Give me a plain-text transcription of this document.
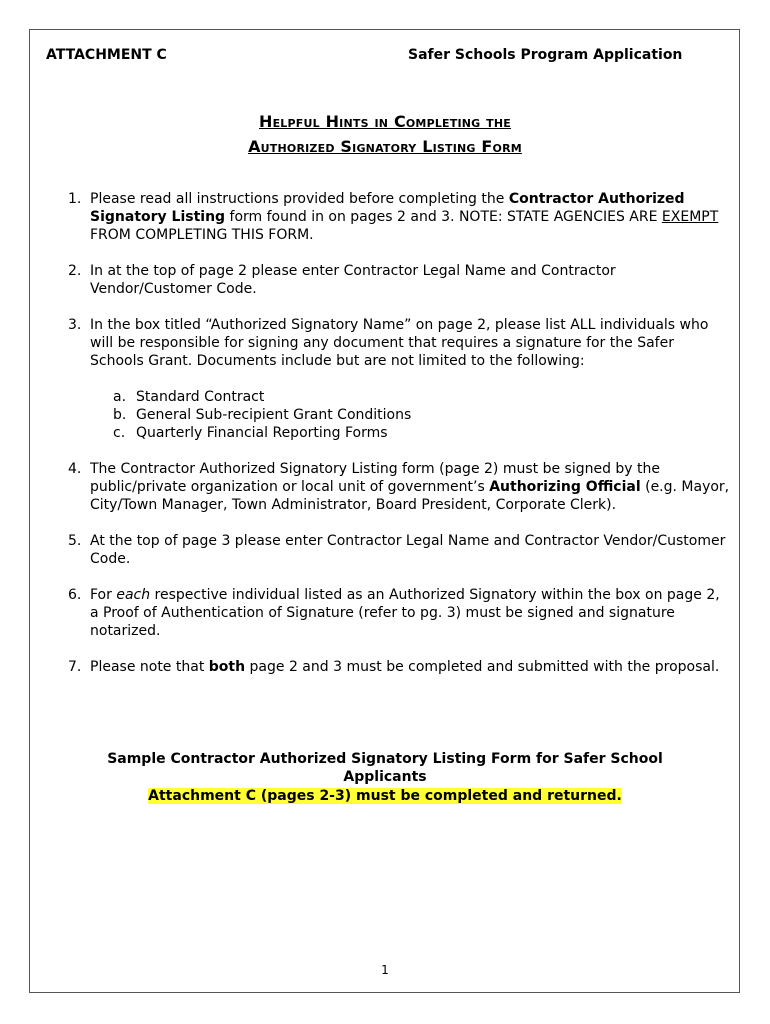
ATTACHMENT C	Safer Schools Program Application
Helpful Hints in Completing the
Authorized Signatory Listing Form
1. Please read all instructions provided before completing the Contractor Authorized Signatory Listing form found in on pages 2 and 3. NOTE: STATE AGENCIES ARE EXEMPT FROM COMPLETING THIS FORM.
2. In at the top of page 2 please enter Contractor Legal Name and Contractor Vendor/Customer Code.
3. In the box titled “Authorized Signatory Name” on page 2, please list ALL individuals who will be responsible for signing any document that requires a signature for the Safer Schools Grant. Documents include but are not limited to the following:
a. Standard Contract
b. General Sub-recipient Grant Conditions
c. Quarterly Financial Reporting Forms
4. The Contractor Authorized Signatory Listing form (page 2) must be signed by the public/private organization or local unit of government’s Authorizing Official (e.g. Mayor, City/Town Manager, Town Administrator, Board President, Corporate Clerk).
5. At the top of page 3 please enter Contractor Legal Name and Contractor Vendor/Customer Code.
6. For each respective individual listed as an Authorized Signatory within the box on page 2, a Proof of Authentication of Signature (refer to pg. 3) must be signed and signature notarized.
7. Please note that both page 2 and 3 must be completed and submitted with the proposal.
Sample Contractor Authorized Signatory Listing Form for Safer School
Applicants
Attachment C (pages 2-3) must be completed and returned.
1
